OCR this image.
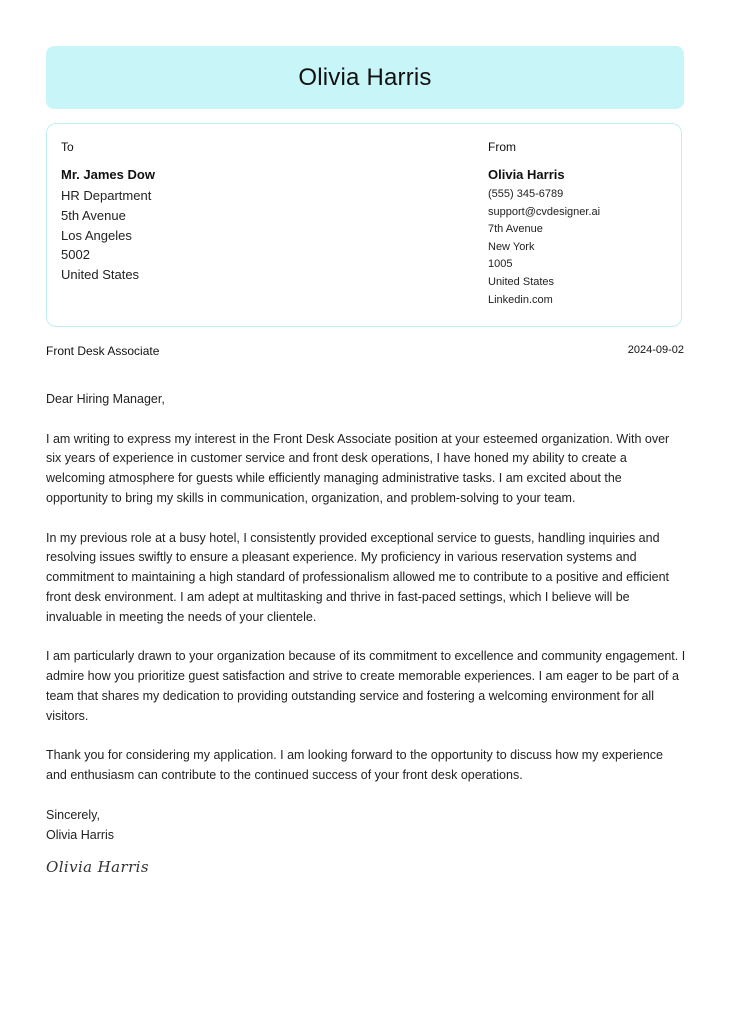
Olivia Harris
To
Mr. James Dow
HR Department
5th Avenue
Los Angeles
5002
United States
From
Olivia Harris
(555) 345-6789
support@cvdesigner.ai
7th Avenue
New York
1005
United States
Linkedin.com
Front Desk Associate	2024-09-02

Dear Hiring Manager,

I am writing to express my interest in the Front Desk Associate position at your esteemed organization. With over six years of experience in customer service and front desk operations, I have honed my ability to create a welcoming atmosphere for guests while efficiently managing administrative tasks. I am excited about the opportunity to bring my skills in communication, organization, and problem-solving to your team.

In my previous role at a busy hotel, I consistently provided exceptional service to guests, handling inquiries and resolving issues swiftly to ensure a pleasant experience. My proficiency in various reservation systems and commitment to maintaining a high standard of professionalism allowed me to contribute to a positive and efficient front desk environment. I am adept at multitasking and thrive in fast-paced settings, which I believe will be invaluable in meeting the needs of your clientele.

I am particularly drawn to your organization because of its commitment to excellence and community engagement. I admire how you prioritize guest satisfaction and strive to create memorable experiences. I am eager to be part of a team that shares my dedication to providing outstanding service and fostering a welcoming environment for all visitors.

Thank you for considering my application. I am looking forward to the opportunity to discuss how my experience and enthusiasm can contribute to the continued success of your front desk operations.

Sincerely,

Olivia Harris

Olivia Harris
